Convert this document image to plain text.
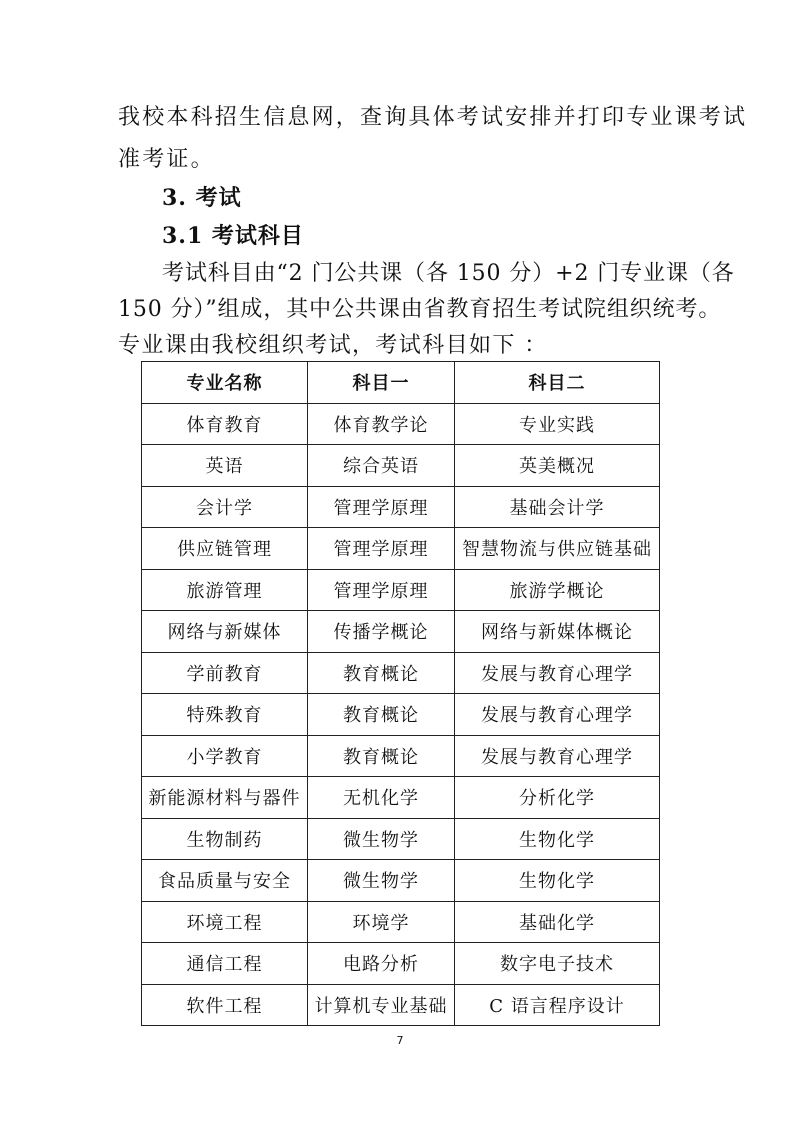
我校本科招生信息网，查询具体考试安排并打印专业课考试
准考证。
3. 考试
3.1 考试科目
考试科目由“2 门公共课（各 150 分）+2 门专业课（各
150 分）”组成，其中公共课由省教育招生考试院组织统考。
专业课由我校组织考试，考试科目如下 ：
专业名称	科目一	科目二
体育教育	体育教学论	专业实践
英语	综合英语	英美概况
会计学	管理学原理	基础会计学
供应链管理	管理学原理	智慧物流与供应链基础
旅游管理	管理学原理	旅游学概论
网络与新媒体	传播学概论	网络与新媒体概论
学前教育	教育概论	发展与教育心理学
特殊教育	教育概论	发展与教育心理学
小学教育	教育概论	发展与教育心理学
新能源材料与器件	无机化学	分析化学
生物制药	微生物学	生物化学
食品质量与安全	微生物学	生物化学
环境工程	环境学	基础化学
通信工程	电路分析	数字电子技术
软件工程	计算机专业基础	C 语言程序设计
7
